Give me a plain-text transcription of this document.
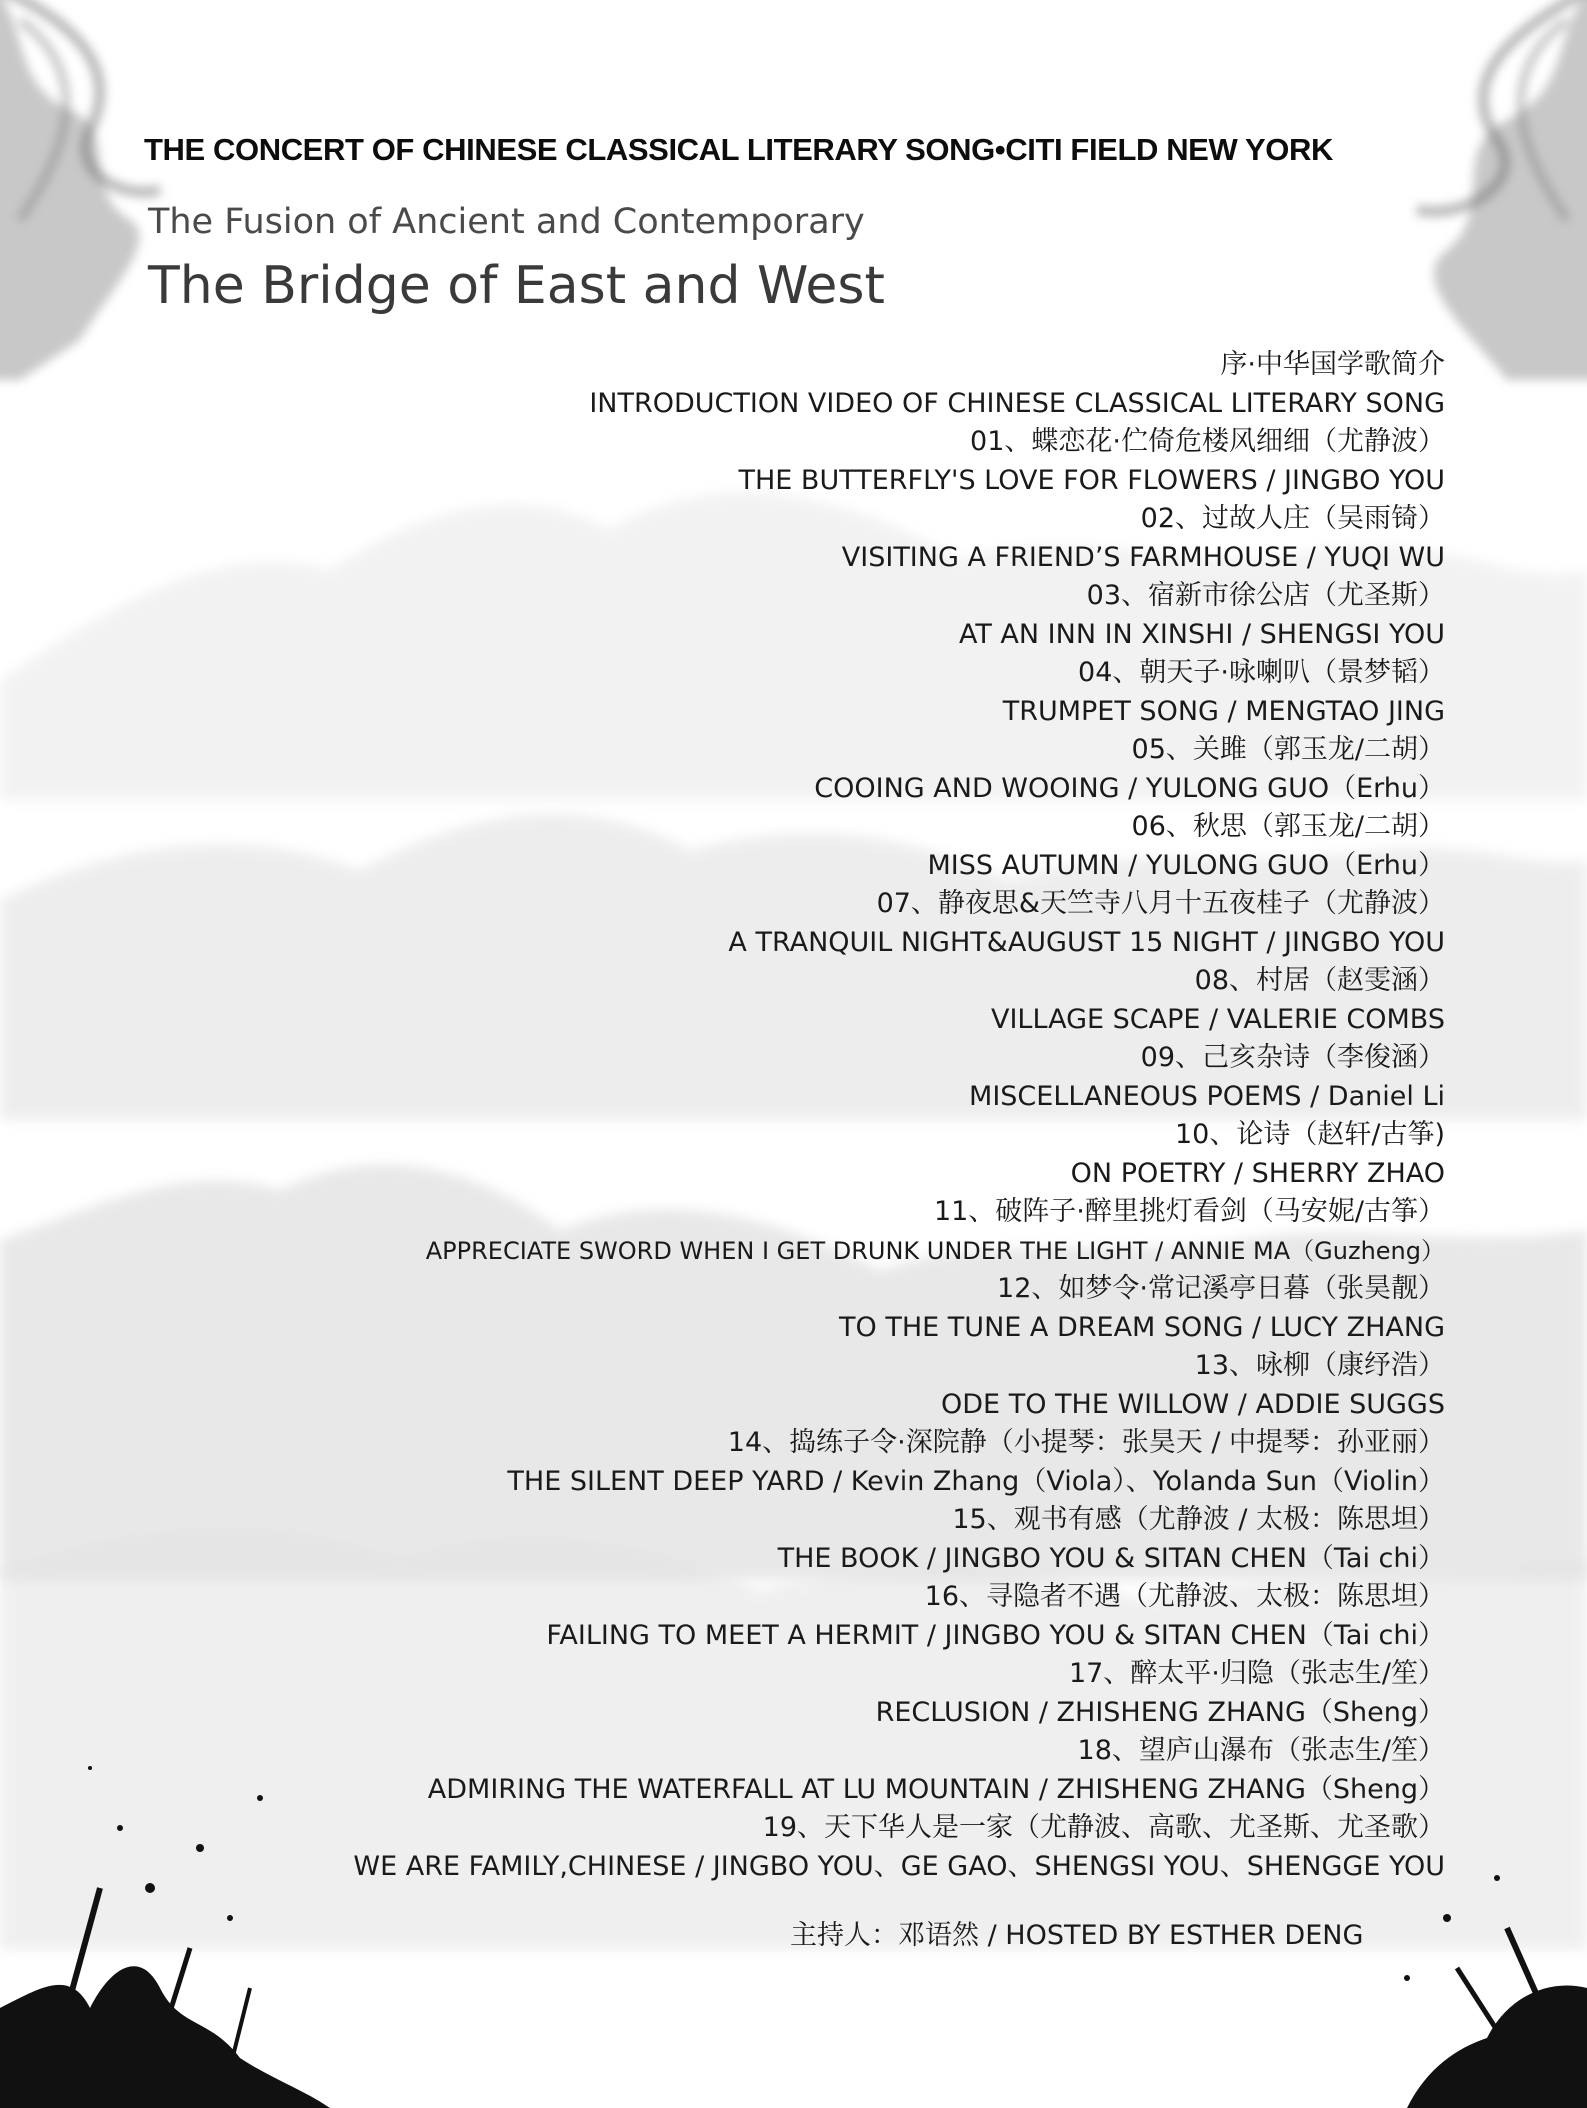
THE CONCERT OF CHINESE CLASSICAL LITERARY SONG•CITI FIELD NEW YORK
The Fusion of Ancient and Contemporary
The Bridge of East and West
序·中华国学歌简介
INTRODUCTION VIDEO OF CHINESE CLASSICAL LITERARY SONG
01、蝶恋花·伫倚危楼风细细（尤静波）
THE BUTTERFLY'S LOVE FOR FLOWERS / JINGBO YOU
02、过故人庄（吴雨锜）
VISITING A FRIEND’S FARMHOUSE / YUQI WU
03、宿新市徐公店（尤圣斯）
AT AN INN IN XINSHI / SHENGSI YOU
04、朝天子·咏喇叭（景梦韬）
TRUMPET SONG / MENGTAO JING
05、关雎（郭玉龙/二胡）
COOING AND WOOING / YULONG GUO（Erhu）
06、秋思（郭玉龙/二胡）
MISS AUTUMN / YULONG GUO（Erhu）
07、静夜思&天竺寺八月十五夜桂子（尤静波）
A TRANQUIL NIGHT&AUGUST 15 NIGHT / JINGBO YOU
08、村居（赵雯涵）
VILLAGE SCAPE / VALERIE COMBS
09、己亥杂诗（李俊涵）
MISCELLANEOUS POEMS / Daniel Li
10、论诗（赵轩/古筝)
ON POETRY / SHERRY ZHAO
11、破阵子·醉里挑灯看剑（马安妮/古筝）
APPRECIATE SWORD WHEN I GET DRUNK UNDER THE LIGHT / ANNIE MA（Guzheng）
12、如梦令·常记溪亭日暮（张昊靓）
TO THE TUNE A DREAM SONG / LUCY ZHANG
13、咏柳（康纾浩）
ODE TO THE WILLOW / ADDIE SUGGS
14、捣练子令·深院静（小提琴：张昊天 / 中提琴：孙亚丽）
THE SILENT DEEP YARD / Kevin Zhang（Viola）、Yolanda Sun（Violin）
15、观书有感（尤静波 / 太极：陈思坦）
THE BOOK / JINGBO YOU & SITAN CHEN（Tai chi）
16、寻隐者不遇（尤静波、太极：陈思坦）
FAILING TO MEET A HERMIT / JINGBO YOU & SITAN CHEN（Tai chi）
17、醉太平·归隐（张志生/笙）
RECLUSION / ZHISHENG ZHANG（Sheng）
18、望庐山瀑布（张志生/笙）
ADMIRING THE WATERFALL AT LU MOUNTAIN / ZHISHENG ZHANG（Sheng）
19、天下华人是一家（尤静波、高歌、尤圣斯、尤圣歌）
WE ARE FAMILY,CHINESE / JINGBO YOU、GE GAO、SHENGSI YOU、SHENGGE YOU
主持人：邓语然 / HOSTED BY ESTHER DENG
